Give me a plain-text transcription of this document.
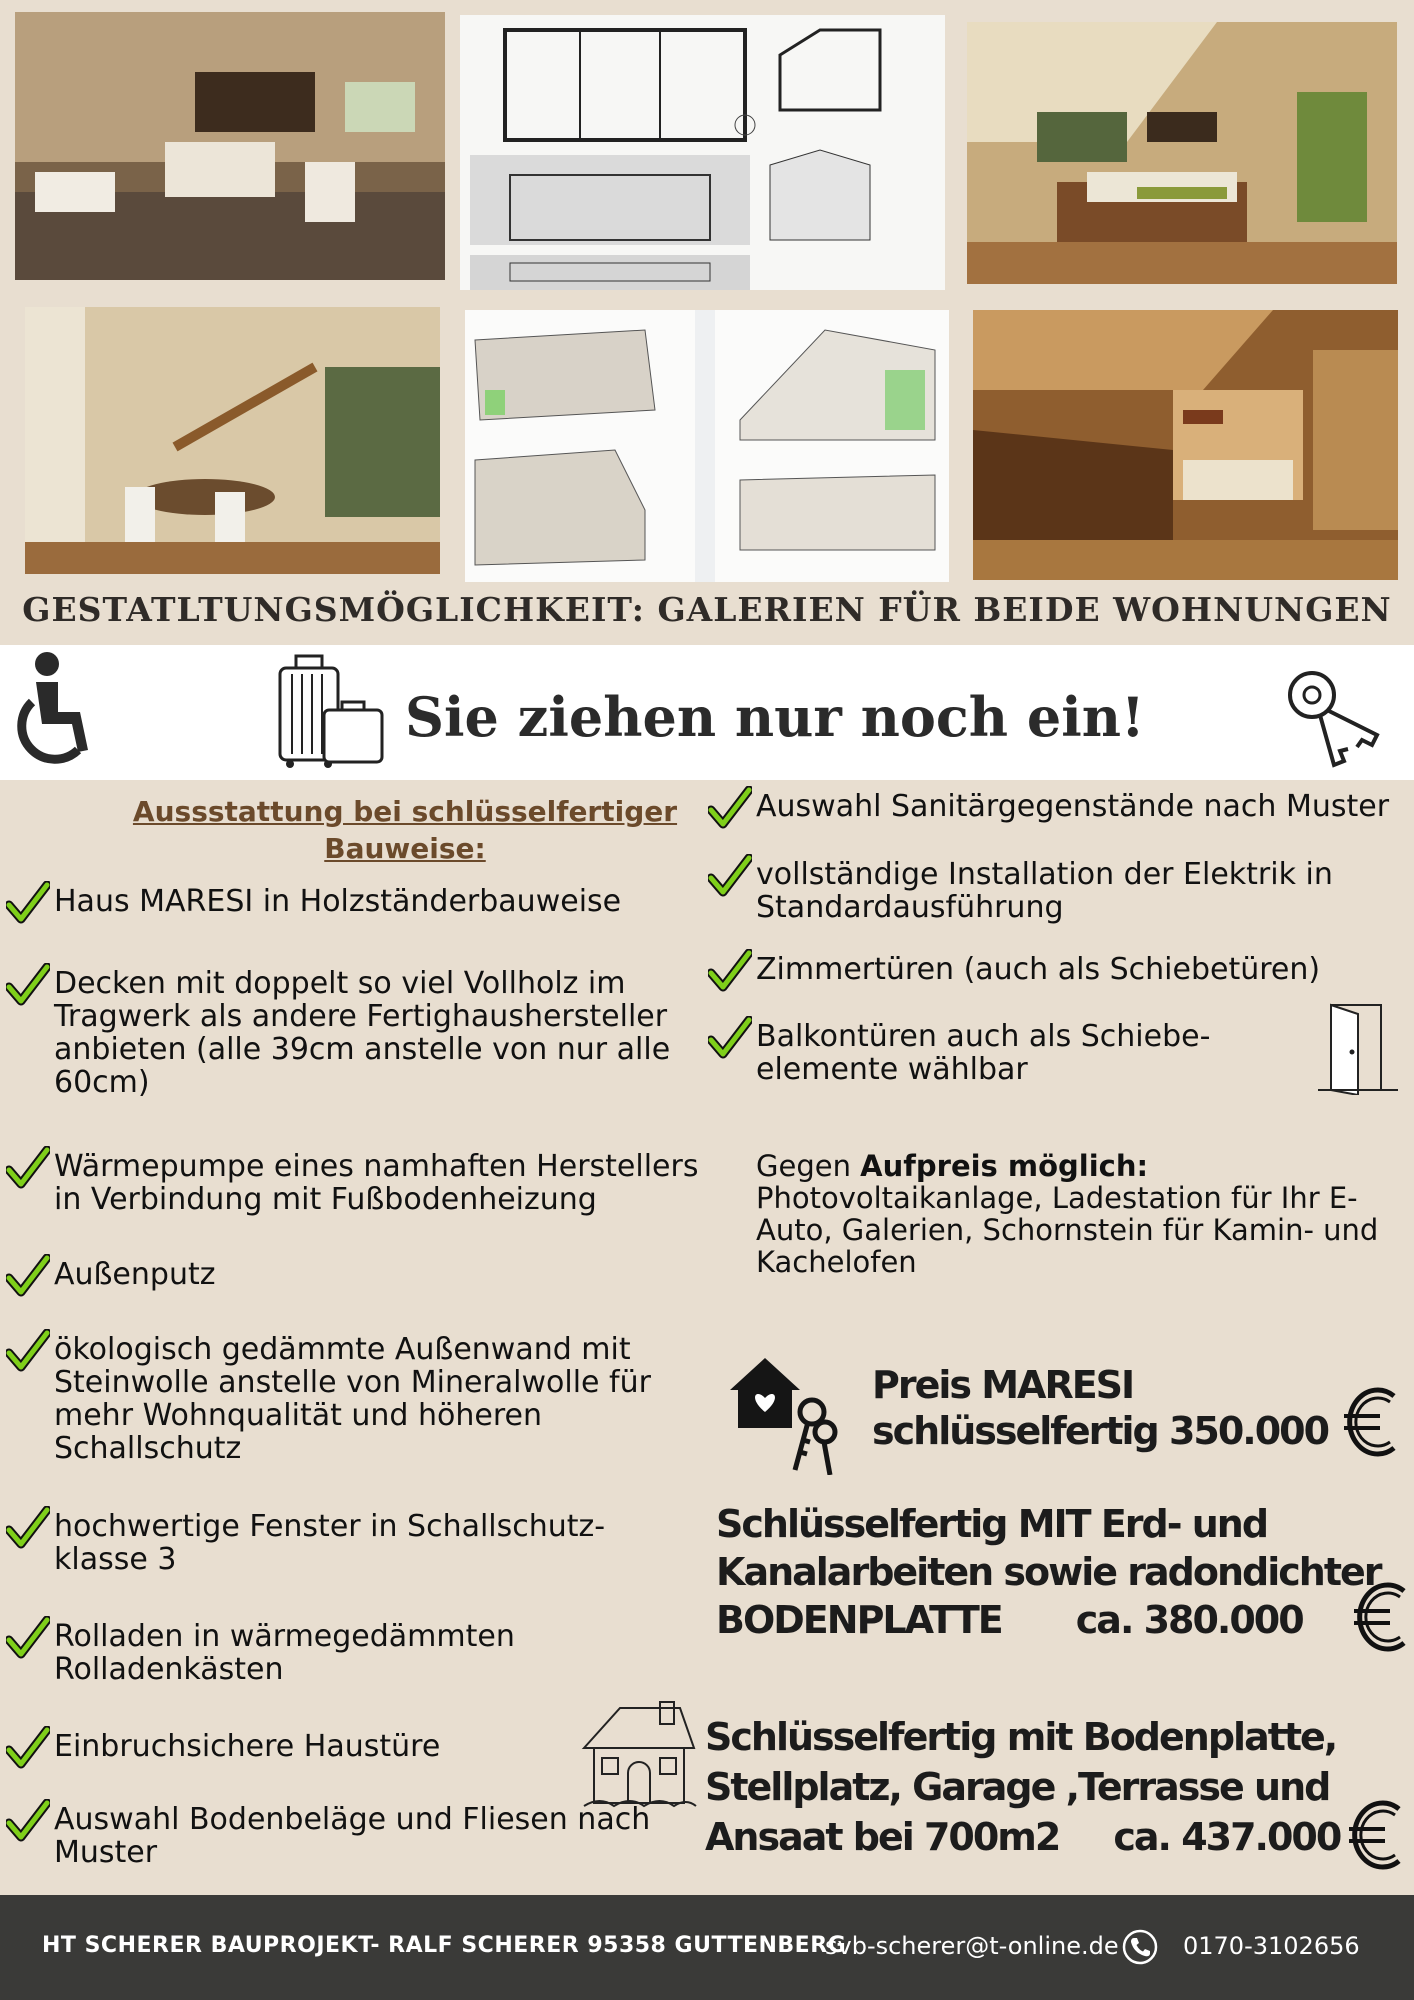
GESTATLTUNGSMÖGLICHKEIT: GALERIEN FÜR BEIDE WOHNUNGEN
Sie ziehen nur noch ein!
Aussstattung bei schlüsselfertiger
Bauweise:
Haus MARESI in Holzständerbauweise
Decken mit doppelt so viel Vollholz im
Tragwerk als andere Fertighaushersteller
anbieten (alle 39cm anstelle von nur alle
60cm)
Wärmepumpe eines namhaften Herstellers
in Verbindung mit Fußbodenheizung
Außenputz
ökologisch gedämmte Außenwand mit
Steinwolle anstelle von Mineralwolle für
mehr Wohnqualität und höheren
Schallschutz
hochwertige Fenster in Schallschutz-
klasse 3
Rolladen in wärmegedämmten
Rolladenkästen
Einbruchsichere Haustüre
Auswahl Bodenbeläge und Fliesen nach
Muster
Auswahl Sanitärgegenstände nach Muster
vollständige Installation der Elektrik in
Standardausführung
Zimmertüren (auch als Schiebetüren)
Balkontüren auch als Schiebe-
elemente wählbar
Gegen Aufpreis möglich:
Photovoltaikanlage, Ladestation für Ihr E-
Auto, Galerien, Schornstein für Kamin- und
Kachelofen
Preis MARESI
schlüsselfertig 350.000
Schlüsselfertig MIT Erd- und
Kanalarbeiten sowie radondichter
BODENPLATTE ca. 380.000
Schlüsselfertig mit Bodenplatte,
Stellplatz, Garage ,Terrasse und
Ansaat bei 700m2 ca. 437.000
HT SCHERER BAUPROJEKT- RALF SCHERER 95358 GUTTENBERG
svb-scherer@t-online.de	0170-3102656
